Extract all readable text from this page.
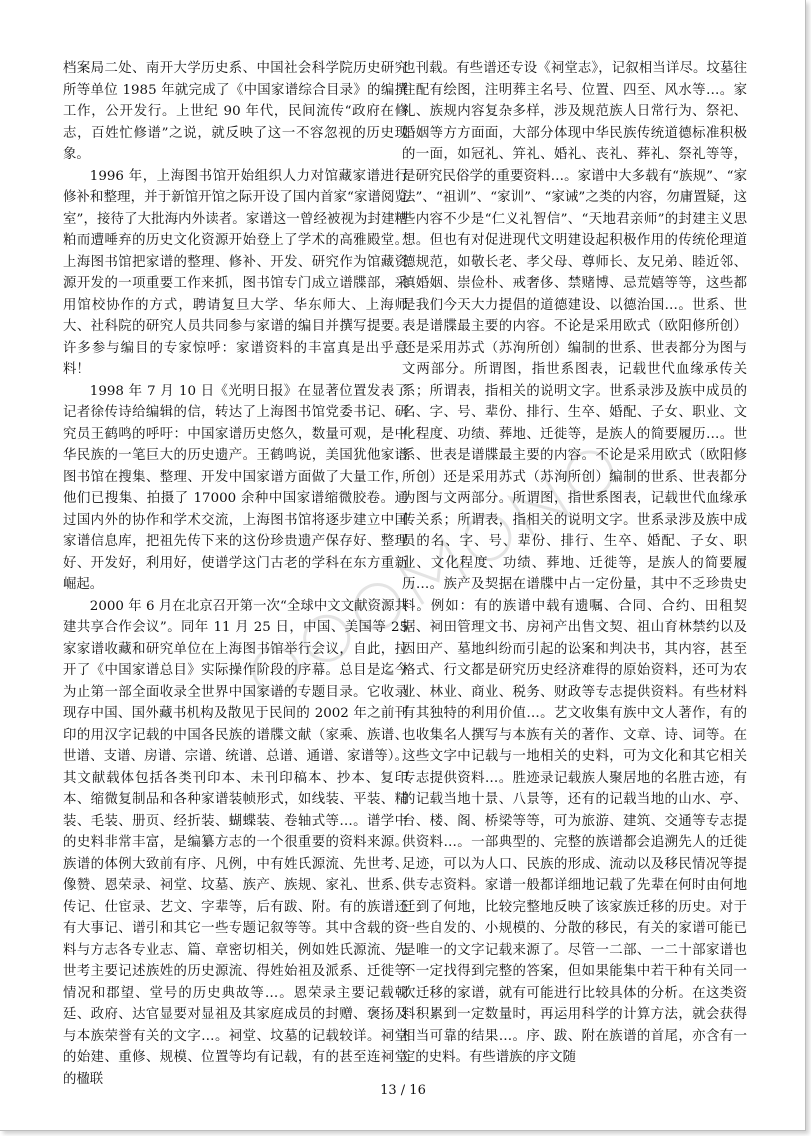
档案局二处、南开大学历史系、中国社会科学院历史研究所等单位 1985 年就完成了《中国家谱综合目录》的编撰工作，公开发行。上世纪 90 年代，民间流传“政府在修志，百姓忙修谱”之说，就反映了这一不容忽视的历史现象。

1996 年，上海图书馆开始组织人力对馆藏家谱进行修补和整理，并于新馆开馆之际开设了国内首家“家谱阅览室”，接待了大批海内外读者。家谱这一曾经被视为封建糟粕而遭唾弃的历史文化资源开始登上了学术的高雅殿堂。上海图书馆把家谱的整理、修补、开发、研究作为馆藏资源开发的一项重要工作来抓，图书馆专门成立谱牒部，采用馆校协作的方式，聘请复旦大学、华东师大、上海师大、社科院的研究人员共同参与家谱的编目并撰写提要。许多参与编目的专家惊呼：家谱资料的丰富真是出乎意料！

1998 年 7 月 10 日《光明日报》在显著位置发表了记者徐传诗给编辑的信，转达了上海图书馆党委书记、研究员王鹤鸣的呼吁：中国家谱历史悠久，数量可观，是中华民族的一笔巨大的历史遗产。王鹤鸣说，美国犹他家谱图书馆在搜集、整理、开发中国家谱方面做了大量工作，他们已搜集、拍摄了 17000 余种中国家谱缩微胶卷。通过国内外的协作和学术交流，上海图书馆将逐步建立中国家谱信息库，把祖先传下来的这份珍贵遗产保存好、整理好、开发好，利用好，使谱学这门古老的学科在东方重新崛起。

2000 年 6 月在北京召开第一次“全球中文文献资源共建共享合作会议”。同年 11 月 25 日，中国、美国等 25 家家谱收藏和研究单位在上海图书馆举行会议，自此，拉开了《中国家谱总目》实际操作阶段的序幕。总目是迄今为止第一部全面收录全世界中国家谱的专题目录。它收录现存中国、国外藏书机构及散见于民间的 2002 年之前刊印的用汉字记载的中国各民族的谱牒文献（家乘、族谱、世谱、支谱、房谱、宗谱、统谱、总谱、通谱、家谱等）。其文献载体包括各类刊印本、未刊印稿本、抄本、复印本、缩微复制品和各种家谱装帧形式，如线装、平装、精装、毛装、册页、经折装、蝴蝶装、卷轴式等…。谱学中的史料非常丰富，是编纂方志的一个很重要的资料来源。族谱的体例大致前有序、凡例，中有姓氏源流、先世考、像赞、恩荣录、祠堂、坟墓、族产、族规、家礼、世系、传记、仕宦录、艺文、字辈等，后有跋、附。有的族谱还有大事记、谱引和其它一些专题记叙等等。其中含载的资料与方志各专业志、篇、章密切相关，例如姓氏源流、先世考主要记述族姓的历史源流、得姓始祖及派系、迁徙等情况和郡望、堂号的历史典故等…。恩荣录主要记载朝廷、政府、达官显要对显祖及其家庭成员的封赠、褒扬及与本族荣誉有关的文字…。祠堂、坟墓的记载较详。祠堂的始建、重修、规模、位置等均有记载，有的甚至连祠堂的楹联

也刊载。有些谱还专设《祠堂志》，记叙相当详尽。坟墓往往配有绘图，注明葬主名号、位置、四至、风水等…。家礼、族规内容复杂多样，涉及规范族人日常行为、祭祀、婚姻等方方面面，大部分体现中华民族传统道德标准积极的一面，如冠礼、笄礼、婚礼、丧礼、葬礼、祭礼等等，是研究民俗学的重要资料…。家谱中大多载有“族规”、“家法”、“祖训”、“家训”、“家诫”之类的内容，勿庸置疑，这些内容不少是“仁义礼智信”、“天地君亲师”的封建主义思想。但也有对促进现代文明建设起积极作用的传统伦理道德规范，如敬长老、孝父母、尊师长、友兄弟、睦近邻、慎婚姻、崇俭朴、戒奢侈、禁赌博、忌荒嬉等等，这些都是我们今天大力提倡的道德建设、以德治国…。世系、世表是谱牒最主要的内容。不论是采用欧式（欧阳修所创）还是采用苏式（苏洵所创）编制的世系、世表都分为图与文两部分。所谓图，指世系图表，记载世代血缘承传关系；所谓表，指相关的说明文字。世系录涉及族中成员的名、字、号、辈份、排行、生卒、婚配、子女、职业、文化程度、功绩、葬地、迁徙等，是族人的简要履历…。世系、世表是谱牒最主要的内容。不论是采用欧式（欧阳修所创）还是采用苏式（苏洵所创）编制的世系、世表都分为图与文两部分。所谓图，指世系图表，记载世代血缘承传关系；所谓表，指相关的说明文字。世系录涉及族中成员的名、字、号、辈份、排行、生卒、婚配、子女、职业、文化程度、功绩、葬地、迁徙等，是族人的简要履历…。族产及契据在谱牒中占一定份量，其中不乏珍贵史料。例如：有的族谱中载有遗嘱、合同、合约、田租契据、祠田管理文书、房祠产出售文契、祖山育林禁约以及因田产、墓地纠纷而引起的讼案和判决书，其内容，甚至格式、行文都是研究历史经济难得的原始资料，还可为农业、林业、商业、税务、财政等专志提供资料。有些材料有其独特的利用价值…。艺文收集有族中文人著作，有的也收集名人撰写与本族有关的著作、文章、诗、词等。在这些文字中记载与一地相关的史料，可为文化和其它相关专志提供资料…。胜迹录记载族人聚居地的名胜古迹，有的记载当地十景、八景等，还有的记载当地的山水、亭、台、楼、阁、桥梁等等，可为旅游、建筑、交通等专志提供资料…。一部典型的、完整的族谱都会追溯先人的迁徙足迹，可以为人口、民族的形成、流动以及移民情况等提供专志资料。家谱一般都详细地记载了先辈在何时由何地迁到了何地，比较完整地反映了该家族迁移的历史。对于一些自发的、小规模的、分散的移民，有关的家谱可能已是唯一的文字记载来源了。尽管一二部、一二十部家谱也不一定找得到完整的答案，但如果能集中若干种有关同一次迁移的家谱，就有可能进行比较具体的分析。在这类资料积累到一定数量时，再运用科学的计算方法，就会获得相当可靠的结果…。序、跋、附在族谱的首尾，亦含有一定的史料。有些谱族的序文随

13 / 16
